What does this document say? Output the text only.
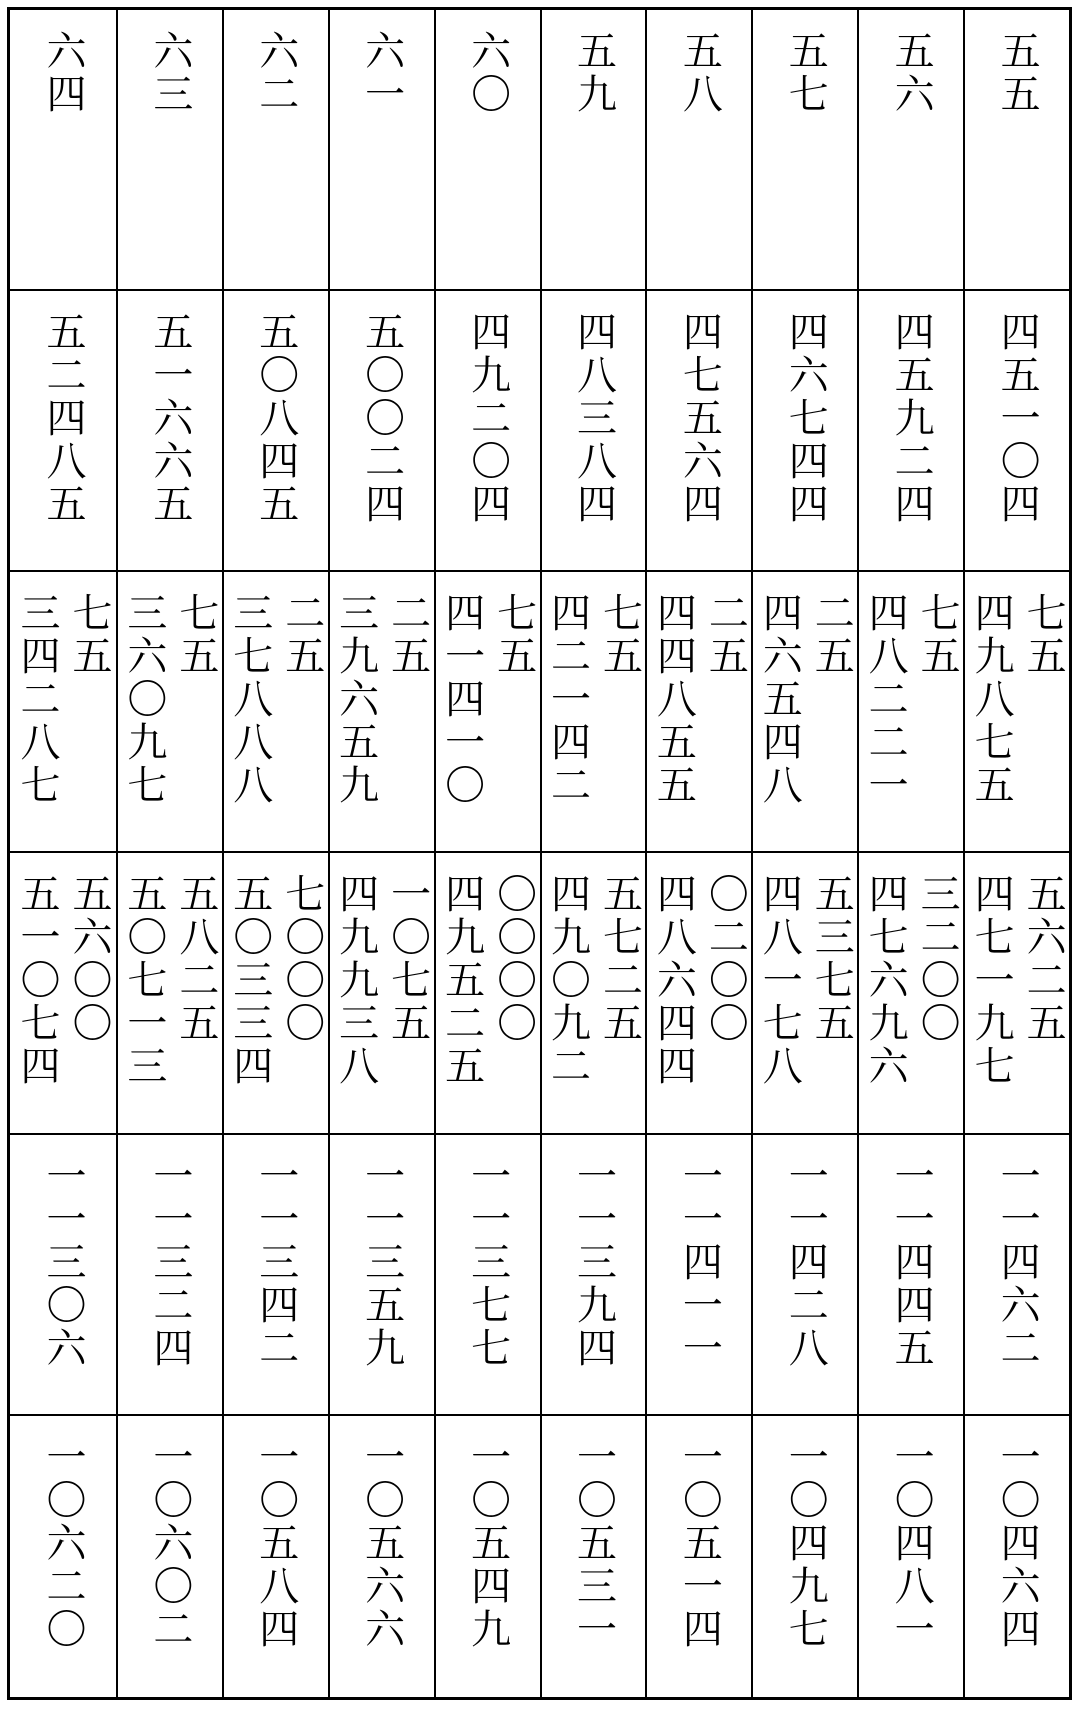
五五
五六
五七
五八
五九
六〇
六一
六二
六三
六四
四五一〇四
四五九二四
四六七四四
四七五六四
四八三八四
四九二〇四
五〇〇二四
五〇八四五
五一六六五
五二四八五
四九八七五 七五
四八二二一 七五
四六五四八 二五
四四八五五 二五
四二一四二 七五
四一四一〇 七五
三九六五九 二五
三七八八八 二五
三六〇九七 七五
三四二八七 七五
四七一九七 五六二五
四七六九六 三二〇〇
四八一七八 五三七五
四八六四四 〇二〇〇
四九〇九二 五七二五
四九五二五 〇〇〇〇
四九九三八 一〇七五
五〇三三四 七〇〇〇
五〇七一三 五八二五
五一〇七四 五六〇〇
一一四六二
一一四四五
一一四二八
一一四一一
一一三九四
一一三七七
一一三五九
一一三四二
一一三二四
一一三〇六
一〇四六四
一〇四八一
一〇四九七
一〇五一四
一〇五三一
一〇五四九
一〇五六六
一〇五八四
一〇六〇二
一〇六二〇
